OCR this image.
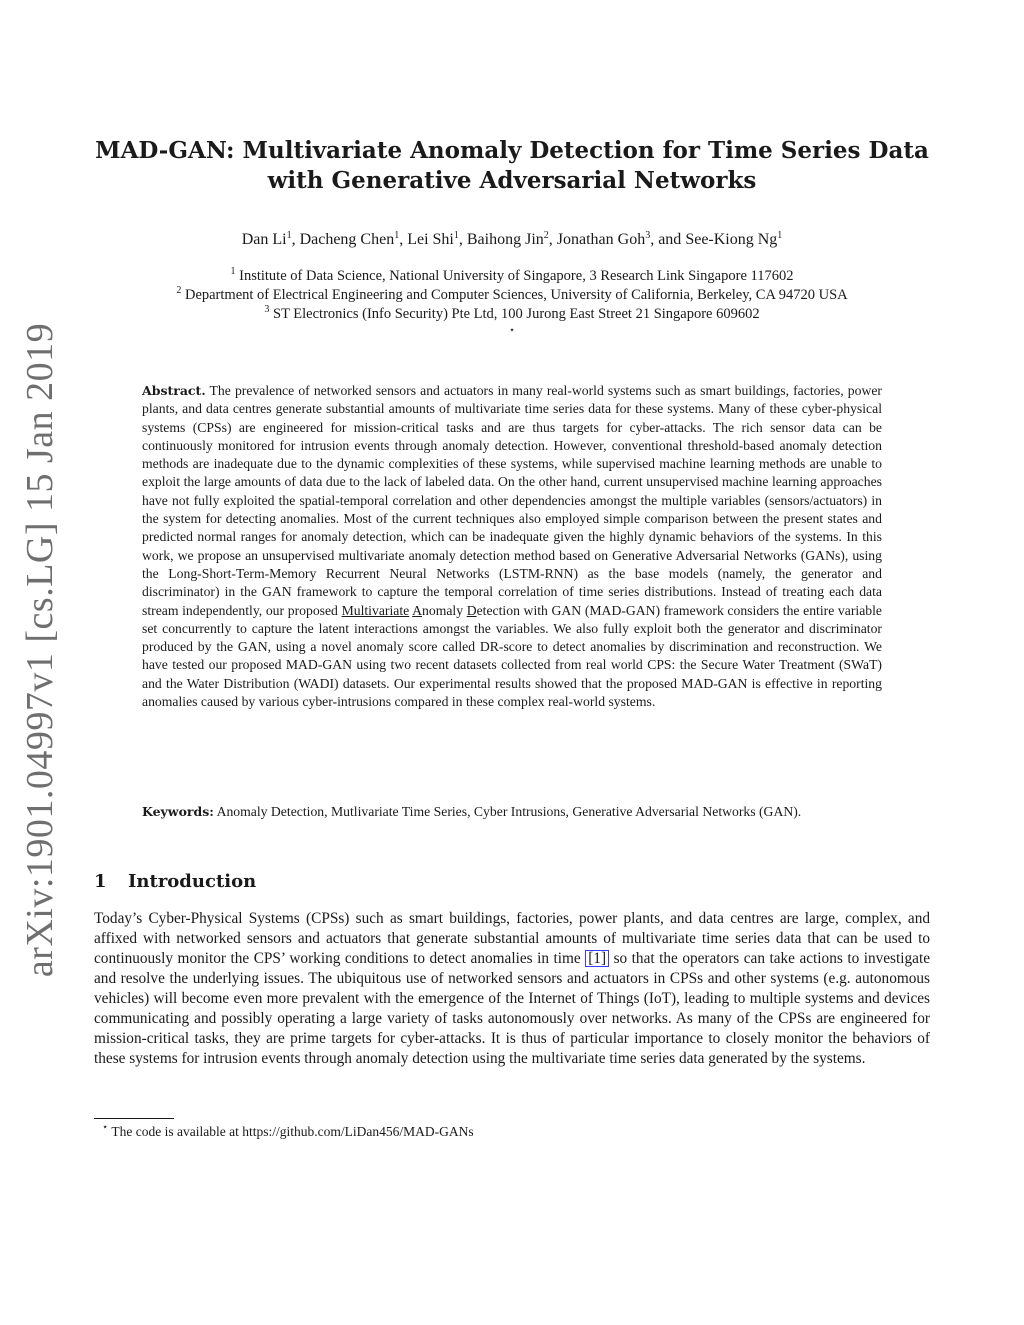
arXiv:1901.04997v1 [cs.LG] 15 Jan 2019
MAD-GAN: Multivariate Anomaly Detection for Time Series Data
with Generative Adversarial Networks
Dan Li$^1$, Dacheng Chen$^1$, Lei Shi$^1$, Baihong Jin$^2$, Jonathan Goh$^3$, and See-Kiong Ng$^1$
$^1$ Institute of Data Science, National University of Singapore, 3 Research Link Singapore 117602
$^2$ Department of Electrical Engineering and Computer Sciences, University of California, Berkeley, CA 94720 USA
$^3$ ST Electronics (Info Security) Pte Ltd, 100 Jurong East Street 21 Singapore 609602
⋆

Abstract. The prevalence of networked sensors and actuators in many real-world systems such as smart buildings, factories, power plants, and data centres generate substantial amounts of multivariate time series data for these systems. Many of these cyber-physical systems (CPSs) are engineered for mission-critical tasks and are thus targets for cyber-attacks. The rich sensor data can be continuously monitored for intrusion events through anomaly detection. However, conventional threshold-based anomaly detection methods are inadequate due to the dynamic complexities of these systems, while supervised machine learning methods are unable to exploit the large amounts of data due to the lack of labeled data. On the other hand, current unsupervised machine learning approaches have not fully exploited the spatial-temporal correlation and other dependencies amongst the multiple variables (sensors/actuators) in the system for detecting anomalies. Most of the current techniques also employed simple comparison between the present states and predicted normal ranges for anomaly detection, which can be inadequate given the highly dynamic behaviors of the systems. In this work, we propose an unsupervised multivariate anomaly detection method based on Generative Adversarial Networks (GANs), using the Long-Short-Term-Memory Recurrent Neural Networks (LSTM-RNN) as the base models (namely, the generator and discriminator) in the GAN framework to capture the temporal correlation of time series distributions. Instead of treating each data stream independently, our proposed Multivariate Anomaly Detection with GAN (MAD-GAN) framework considers the entire variable set concurrently to capture the latent interactions amongst the variables. We also fully exploit both the generator and discriminator produced by the GAN, using a novel anomaly score called DR-score to detect anomalies by discrimination and reconstruction. We have tested our proposed MAD-GAN using two recent datasets collected from real world CPS: the Secure Water Treatment (SWaT) and the Water Distribution (WADI) datasets. Our experimental results showed that the proposed MAD-GAN is effective in reporting anomalies caused by various cyber-intrusions compared in these complex real-world systems.

Keywords: Anomaly Detection, Mutlivariate Time Series, Cyber Intrusions, Generative Adversarial Networks (GAN).

1 Introduction

Today’s Cyber-Physical Systems (CPSs) such as smart buildings, factories, power plants, and data centres are large, complex, and affixed with networked sensors and actuators that generate substantial amounts of multivariate time series data that can be used to continuously monitor the CPS’ working conditions to detect anomalies in time [1] so that the operators can take actions to investigate and resolve the underlying issues. The ubiquitous use of networked sensors and actuators in CPSs and other systems (e.g. autonomous vehicles) will become even more prevalent with the emergence of the Internet of Things (IoT), leading to multiple systems and devices communicating and possibly operating a large variety of tasks autonomously over networks. As many of the CPSs are engineered for mission-critical tasks, they are prime targets for cyber-attacks. It is thus of particular importance to closely monitor the behaviors of these systems for intrusion events through anomaly detection using the multivariate time series data generated by the systems.

⋆ The code is available at https://github.com/LiDan456/MAD-GANs
